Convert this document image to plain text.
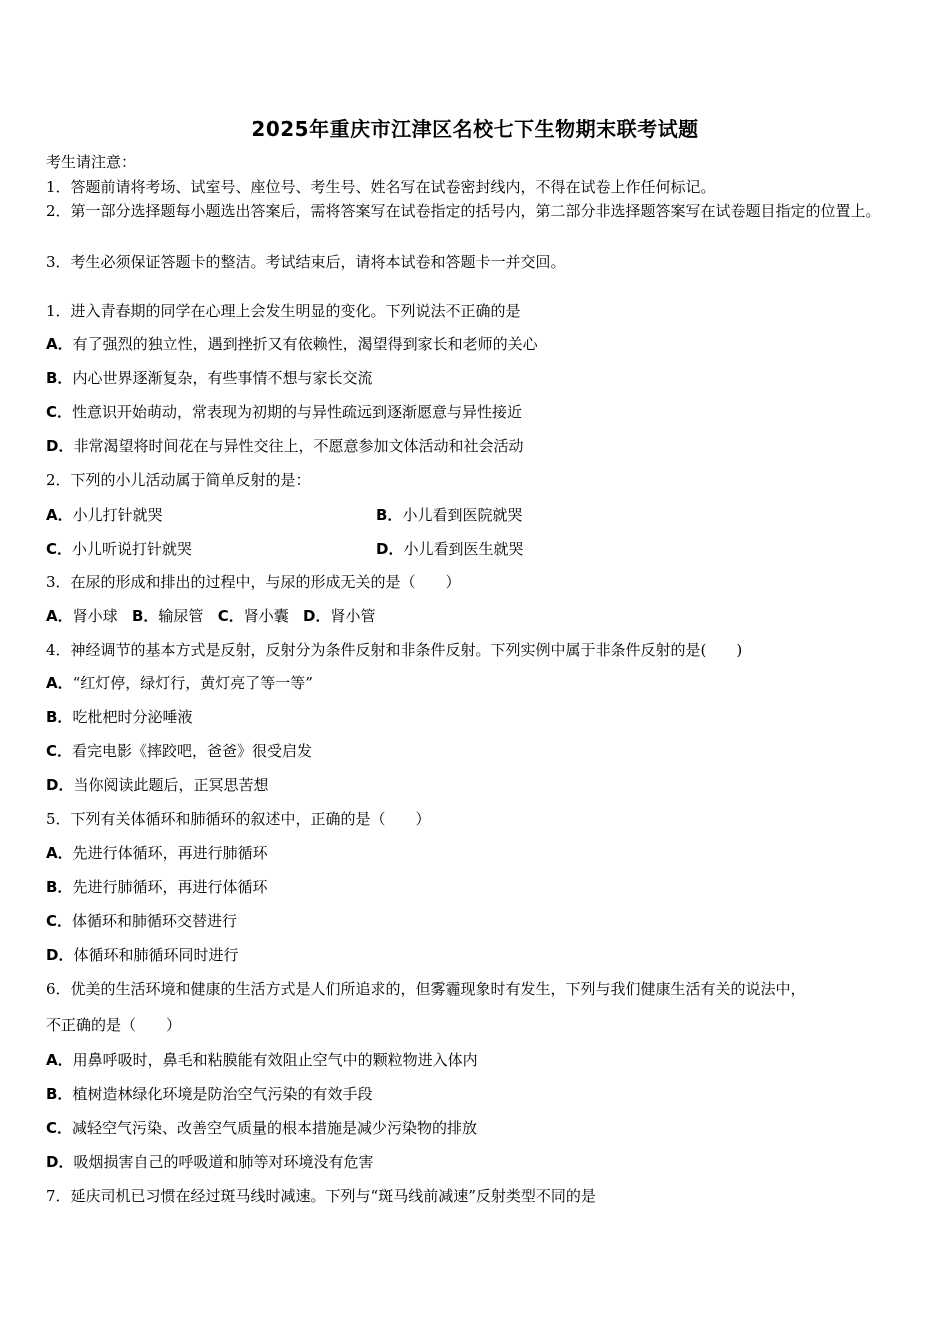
2025年重庆市江津区名校七下生物期末联考试题
考生请注意：
1．答题前请将考场、试室号、座位号、考生号、姓名写在试卷密封线内，不得在试卷上作任何标记。
2．第一部分选择题每小题选出答案后，需将答案写在试卷指定的括号内，第二部分非选择题答案写在试卷题目指定的位置上。
3．考生必须保证答题卡的整洁。考试结束后，请将本试卷和答题卡一并交回。
1．进入青春期的同学在心理上会发生明显的变化。下列说法不正确的是
A．有了强烈的独立性，遇到挫折又有依赖性，渴望得到家长和老师的关心
B．内心世界逐渐复杂，有些事情不想与家长交流
C．性意识开始萌动，常表现为初期的与异性疏远到逐渐愿意与异性接近
D．非常渴望将时间花在与异性交往上，不愿意参加文体活动和社会活动
2．下列的小儿活动属于简单反射的是：
A．小儿打针就哭	B．小儿看到医院就哭
C．小儿听说打针就哭	D．小儿看到医生就哭
3．在尿的形成和排出的过程中，与尿的形成无关的是（　　）
A．肾小球 B．输尿管 C．肾小囊 D．肾小管
4．神经调节的基本方式是反射，反射分为条件反射和非条件反射。下列实例中属于非条件反射的是(　　)
A．“红灯停，绿灯行，黄灯亮了等一等”
B．吃枇杷时分泌唾液
C．看完电影《摔跤吧，爸爸》很受启发
D．当你阅读此题后，正冥思苦想
5．下列有关体循环和肺循环的叙述中，正确的是（　　）
A．先进行体循环，再进行肺循环
B．先进行肺循环，再进行体循环
C．体循环和肺循环交替进行
D．体循环和肺循环同时进行
6．优美的生活环境和健康的生活方式是人们所追求的，但雾霾现象时有发生，下列与我们健康生活有关的说法中，
不正确的是（　　）
A．用鼻呼吸时，鼻毛和粘膜能有效阻止空气中的颗粒物进入体内
B．植树造林绿化环境是防治空气污染的有效手段
C．减轻空气污染、改善空气质量的根本措施是减少污染物的排放
D．吸烟损害自己的呼吸道和肺等对环境没有危害
7．延庆司机已习惯在经过斑马线时减速。下列与“斑马线前减速”反射类型不同的是
